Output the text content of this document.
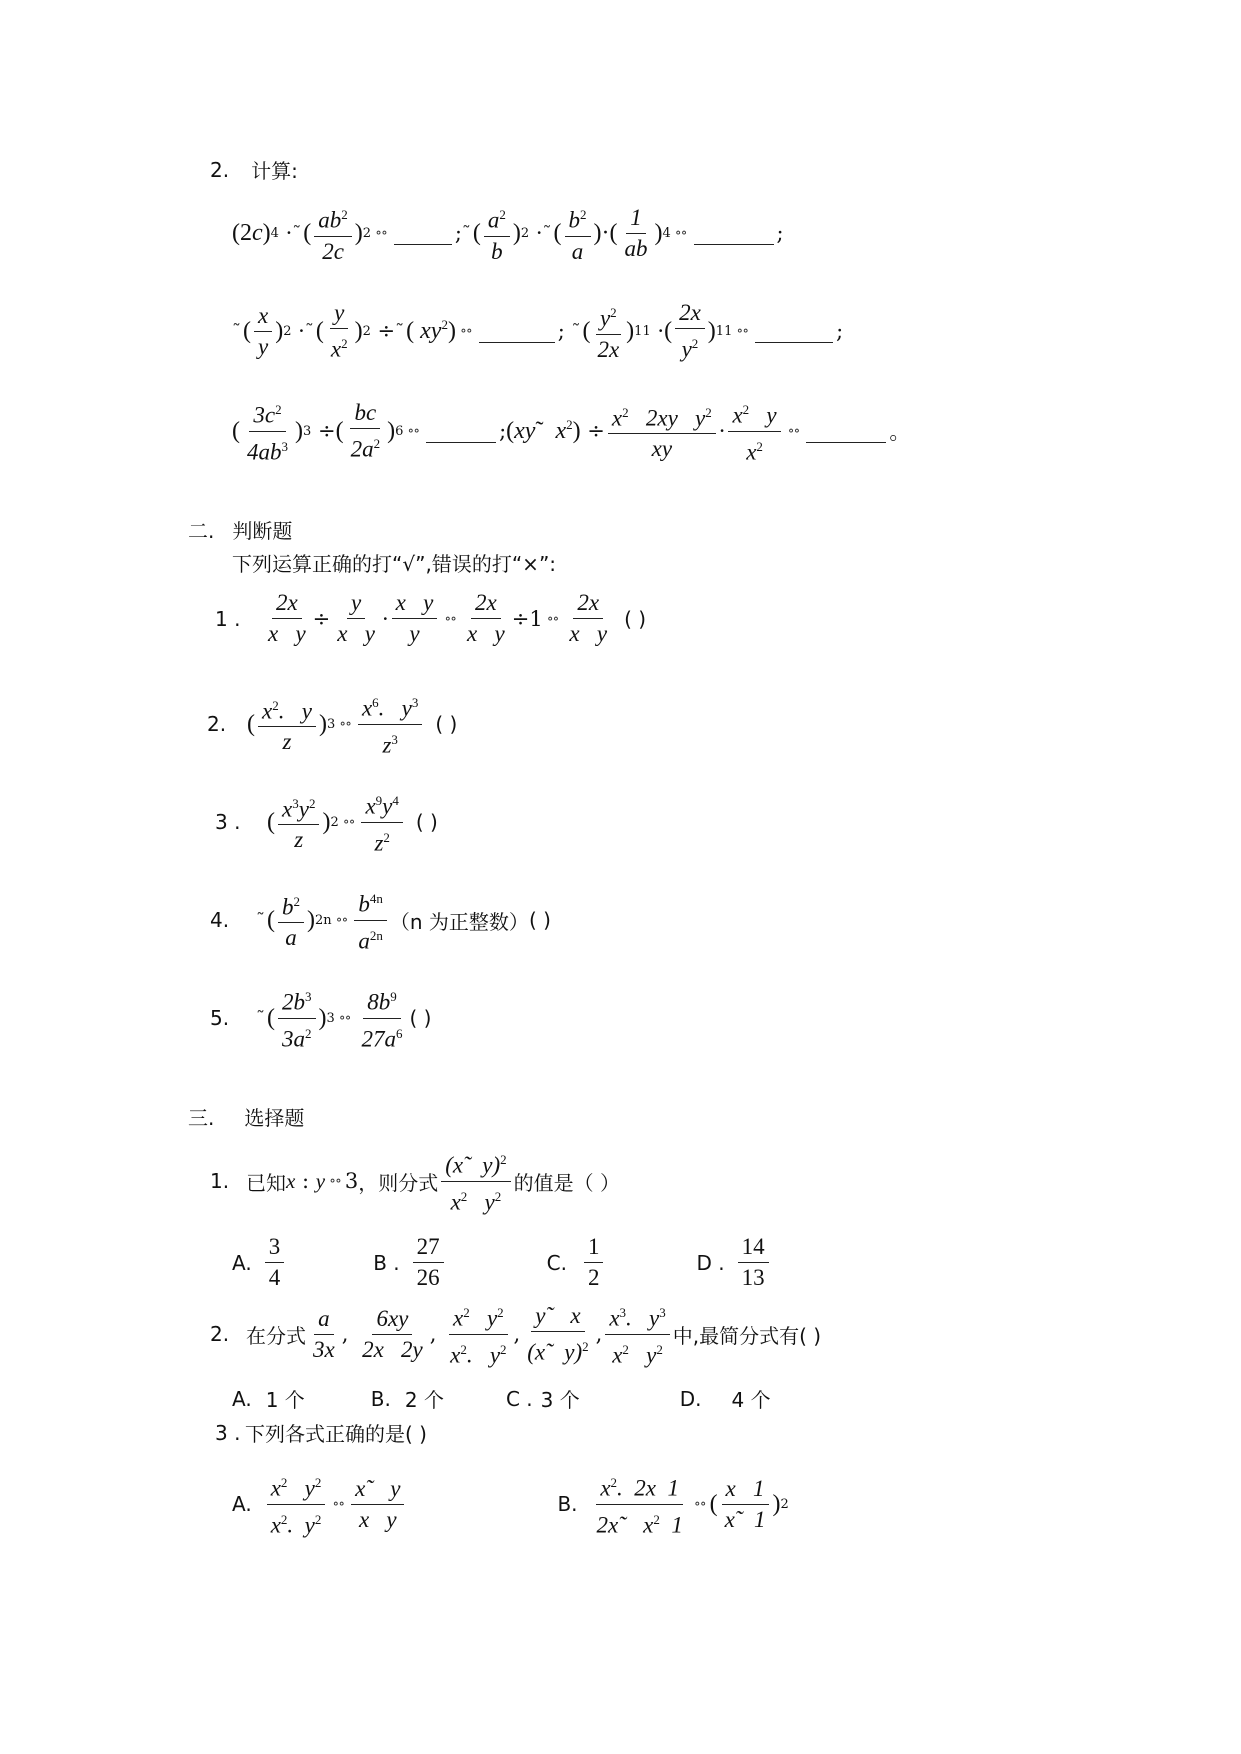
2. 计算:
(2c) 4 · ˜ ( $\frac{ab^2}{2c}$ ) 2 ∘∘	; ˜ ( $\frac{a^2}{b}$ ) 2 · ˜ ( $\frac{b^2}{a}$ )·( $\frac{1}{ab}$ ) 4 ∘∘	;
˜ ( $\frac{x}{y}$ ) 2 · ˜ ( $\frac{y}{x^2}$ ) 2 ÷ ˜ ( $xy^2$) ∘∘	;
˜ ( $\frac{y^2}{2x}$ ) 11 · ( $\frac{2x}{y^2}$ ) 11 ∘∘	;
( $\frac{3c^2}{4ab^3}$ ) 3 ÷ ( $\frac{bc}{2a^2}$ ) 6 ∘∘	; (xy˜  $x^2) \div \frac{x^2 2xy y^2}{xy} \cdot \frac{x^2 y}{x^2}$ ∘∘	。
二. 判断题
下列运算正确的打“√”,错误的打“×”:
1 .	$\frac{2x}{\text{x   y}} \div \frac{y}{\text{x   y}} \cdot \frac{\text{x   y}}{y}$ ∘∘ $\frac{2x}{\text{x   y}} \div 1$ ∘∘ $\frac{2x}{\text{x   y}}$ ( )
2. ( $\frac{x^2. y}{z}$ ) 3 ∘∘ $\frac{x^6. y^3}{z^3}$ ( )
3 .	( $\frac{x^3y^2}{z}$ ) 2 ∘∘ $\frac{x^9y^4}{z^2}$ ( )
4.	˜ ( $\frac{b^2}{a}$ ) 2n ∘∘ $\frac{b^{4n}}{a^{2n}} (n$ 为正整数） ( )
5.	˜ ( $\frac{2b^3}{3a^2}$ ) 3 ∘∘ $\frac{8b^9}{27a^6}$ ( )
三. 选择题
1. 已知 x : y ∘∘ 3 ，则分式 $\frac{(x˜ y)^2}{x^2 y^2}$ 的值是（ ）
A. $\frac{3}{4}$	B . $\frac{27}{26}$	C. $\frac{1}{2}$	D . $\frac{14}{13}$
2. 在分式 $\frac{a}{3x}$ , $\frac{6xy}{2x 2y}$ , $\frac{x^2 y^2}{x^2. y^2}$ , $\frac{y˜ x}{(x˜ y)^2}$ , $\frac{x^3. y^3}{x^2 y^2}$ 中,最简分式有( )
A. 1 个	B. 2 个	C . 3 个	D. 4 个
3 . 下列各式正确的是( )
A. $\frac{x^2 y^2}{x^2. y^2}$ ∘∘ $\frac{x˜ y}{\text{x   y}}$	B. $\frac{x^2. 2x 1}{2x˜ x^2 1}$ ∘∘ ( $\frac{x 1}{x˜ 1}$ ) 2
